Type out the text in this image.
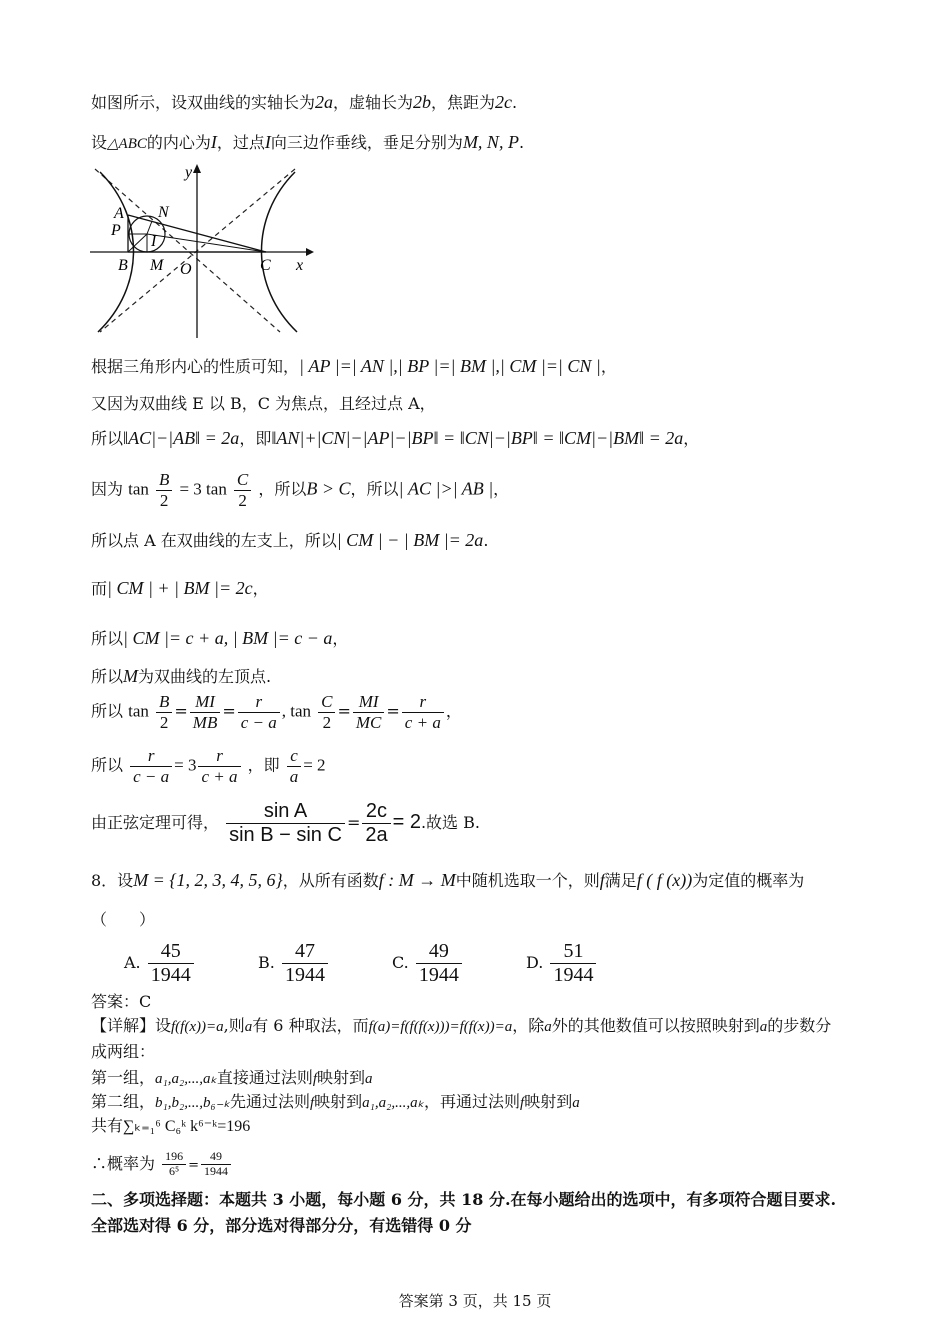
如图所示，设双曲线的实轴长为2a，虚轴长为2b，焦距为2c.
设△ABC的内心为I，过点I向三边作垂线，垂足分别为M, N, P.
y
x
A N
P
I
B M O	C
根据三角形内心的性质可知，| AP |=| AN |,| BP |=| BM |,| CM |=| CN |，
又因为双曲线 E 以 B，C 为焦点，且经过点 A，
所以‖AC|−|AB‖ = 2a，即‖AN|+|CN|−|AP|−|BP‖ = ‖CN|−|BP‖ = ‖CM|−|BM‖ = 2a，
因为 $\tan \frac{B}{2} = 3$ $\tan \frac{C}{2}$ ，所以B > C，所以| AC |>| AB |，
所以点 A 在双曲线的左支上，所以| CM | − | BM |= 2a.
而| CM | + | BM |= 2c，
所以| CM |= c + a, | BM |= c − a，
所以M为双曲线的左顶点.
所以 $\tan \frac{B}{2} = \frac{MI}{MB} = \frac{r}{c - a}$ , $\tan \frac{C}{2} = \frac{MI}{MC} = \frac{r}{c + a}$ ，
所以 $\frac{r}{c - a} = 3 \frac{r}{c + a}$ ，即 $\frac{c}{a} = 2$
由正弦定理可得， $\frac{\text{sin A}}{\text{sin B − sin C}} = \frac{2c}{2a} = 2$.故选 B.
8．设M = {1, 2, 3, 4, 5, 6}，从所有函数f : M → M中随机选取一个，则f满足f ( f (x))为定值的概率为
（　　）
A. $\frac{45}{1944}$	B. $\frac{47}{1944}$	C. $\frac{49}{1944}$	D. $\frac{51}{1944}$
答案：C
【详解】设f(f(x))=a,则a有 6 种取法，而f(a)=f(f(f(x)))=f(f(x))=a，除a外的其他数值可以按照映射到a的步数分
成两组：
第一组，a₁,a₂,...,aₖ直接通过法则f映射到a
第二组，b₁,b₂,...,b₆₋ₖ先通过法则f映射到a₁,a₂,...,aₖ，再通过法则f映射到a
共有∑ₖ₌₁⁶ C₆ᵏ k⁶⁻ᵏ=196
∴概率为 $\frac{196}{\text{6⁵}} = \frac{49}{1944}$
二、多项选择题：本题共 3 小题，每小题 6 分，共 18 分.在每小题给出的选项中，有多项符合题目要求.
全部选对得 6 分，部分选对得部分分，有选错得 0 分
答案第 3 页，共 15 页
